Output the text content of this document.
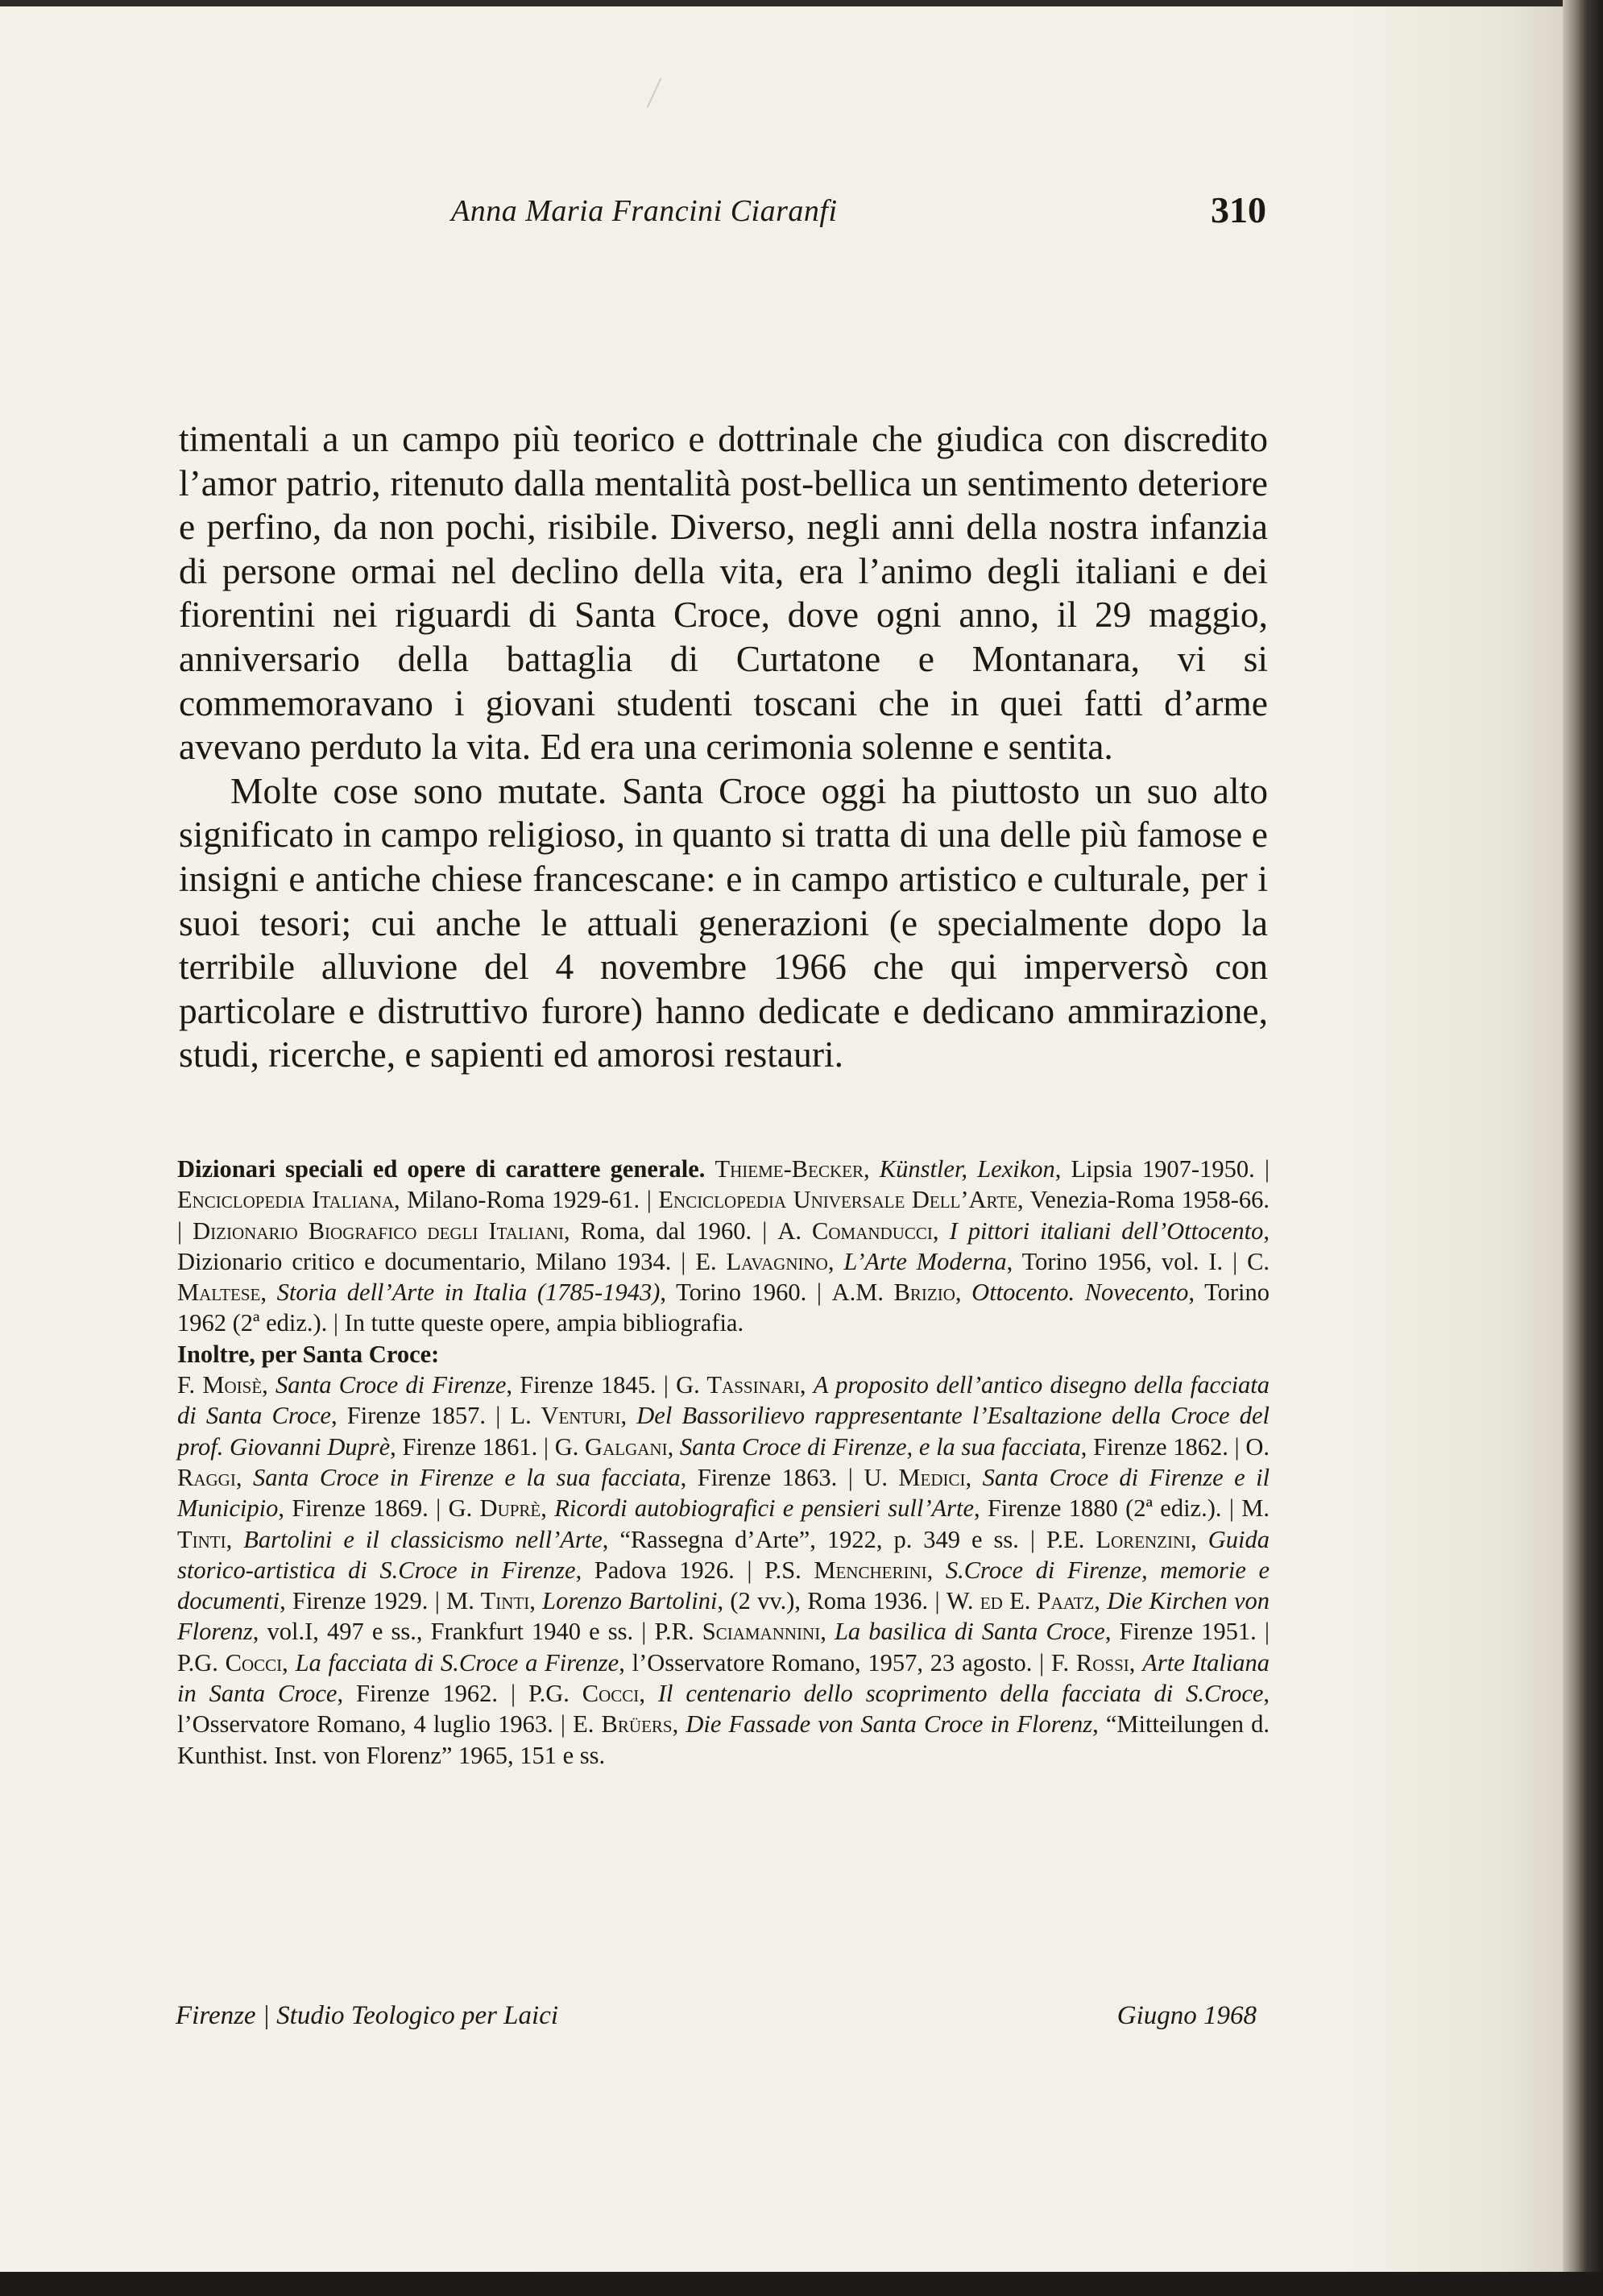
Anna Maria Francini Ciaranfi	310

timentali a un campo più teorico e dottrinale che giudica con discredito l’amor patrio, ritenuto dalla mentalità post-bellica un sentimento deteriore e perfino, da non pochi, risibile. Diverso, negli anni della nostra infanzia di persone ormai nel declino della vita, era l’animo degli italiani e dei fiorentini nei riguardi di Santa Croce, dove ogni anno, il 29 maggio, anniversario della battaglia di Curtatone e Montanara, vi si commemoravano i giovani studenti toscani che in quei fatti d’arme avevano perduto la vita. Ed era una cerimonia solenne e sentita.

Molte cose sono mutate. Santa Croce oggi ha piuttosto un suo alto significato in campo religioso, in quanto si tratta di una delle più famose e insigni e antiche chiese francescane: e in campo artistico e culturale, per i suoi tesori; cui anche le attuali generazioni (e specialmente dopo la terribile alluvione del 4 novembre 1966 che qui imperversò con particolare e distruttivo furore) hanno dedicate e dedicano ammirazione, studi, ricerche, e sapienti ed amorosi restauri.

Dizionari speciali ed opere di carattere generale. Thieme-Becker, Künstler, Lexikon, Lipsia 1907-1950. | Enciclopedia Italiana, Milano-Roma 1929-61. | Enciclopedia Universale Dell’Arte, Venezia-Roma 1958-66. | Dizionario Biografico degli Italiani, Roma, dal 1960. | A. Comanducci, I pittori italiani dell’Ottocento, Dizionario critico e documentario, Milano 1934. | E. Lavagnino, L’Arte Moderna, Torino 1956, vol. I. | C. Maltese, Storia dell’Arte in Italia (1785-1943), Torino 1960. | A.M. Brizio, Ottocento. Novecento, Torino 1962 (2ª ediz.). | In tutte queste opere, ampia bibliografia.

Inoltre, per Santa Croce:

F. Moisè, Santa Croce di Firenze, Firenze 1845. | G. Tassinari, A proposito dell’antico disegno della facciata di Santa Croce, Firenze 1857. | L. Venturi, Del Bassorilievo rappresentante l’Esaltazione della Croce del prof. Giovanni Duprè, Firenze 1861. | G. Galgani, Santa Croce di Firenze, e la sua facciata, Firenze 1862. | O. Raggi, Santa Croce in Firenze e la sua facciata, Firenze 1863. | U. Medici, Santa Croce di Firenze e il Municipio, Firenze 1869. | G. Duprè, Ricordi autobiografici e pensieri sull’Arte, Firenze 1880 (2ª ediz.). | M. Tinti, Bartolini e il classicismo nell’Arte, “Rassegna d’Arte”, 1922, p. 349 e ss. | P.E. Lorenzini, Guida storico-artistica di S.Croce in Firenze, Padova 1926. | P.S. Mencherini, S.Croce di Firenze, memorie e documenti, Firenze 1929. | M. Tinti, Lorenzo Bartolini, (2 vv.), Roma 1936. | W. ed E. Paatz, Die Kirchen von Florenz, vol.I, 497 e ss., Frankfurt 1940 e ss. | P.R. Sciamannini, La basilica di Santa Croce, Firenze 1951. | P.G. Cocci, La facciata di S.Croce a Firenze, l’Osservatore Romano, 1957, 23 agosto. | F. Rossi, Arte Italiana in Santa Croce, Firenze 1962. | P.G. Cocci, Il centenario dello scoprimento della facciata di S.Croce, l’Osservatore Romano, 4 luglio 1963. | E. Brüers, Die Fassade von Santa Croce in Florenz, “Mitteilungen d. Kunthist. Inst. von Florenz” 1965, 151 e ss.

Firenze | Studio Teologico per Laici	Giugno 1968
